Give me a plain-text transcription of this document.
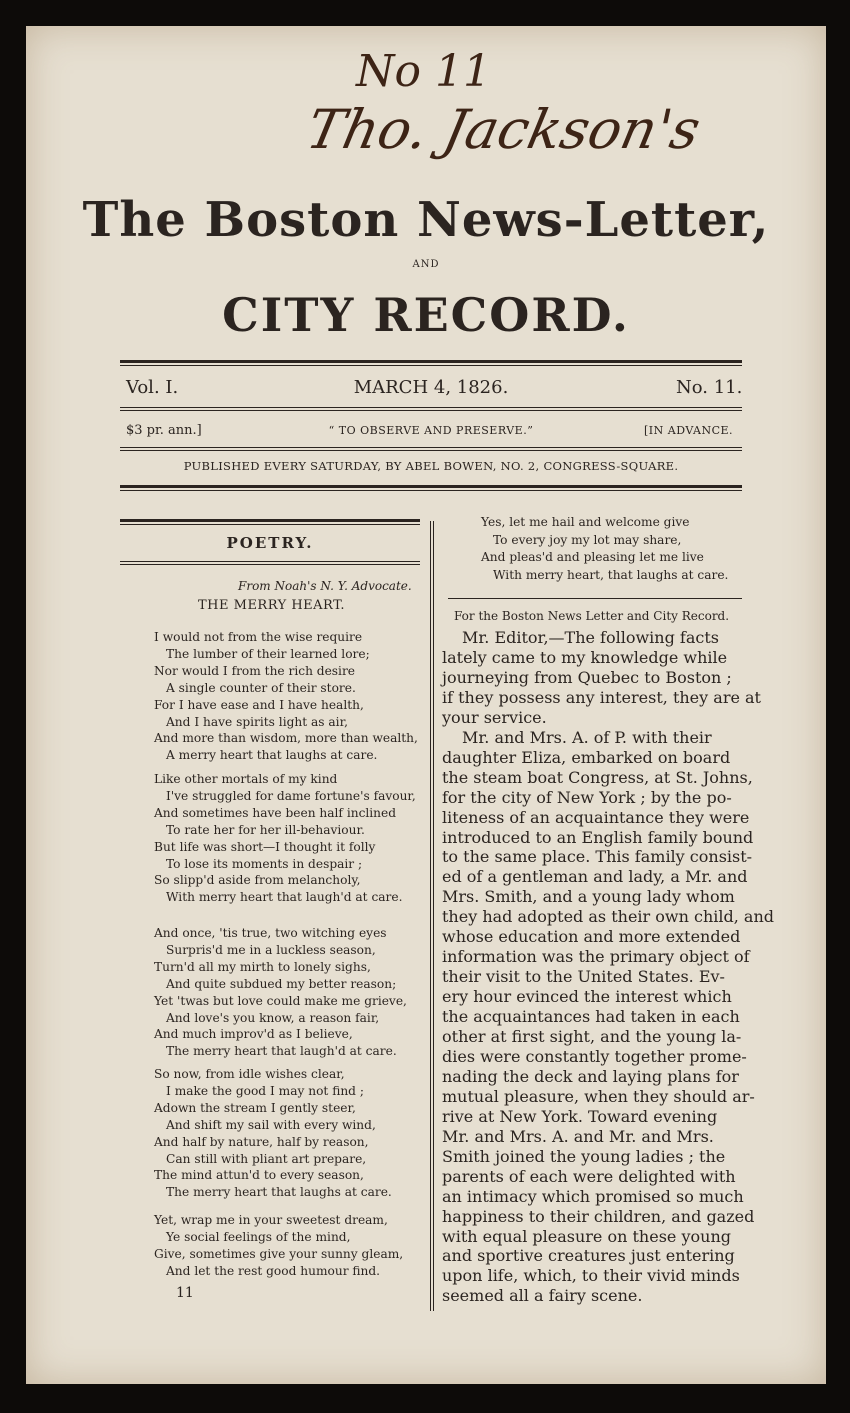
No 11
Tho. Jackson's
The Boston News-Letter,
AND
CITY RECORD.
Vol. I.	MARCH 4, 1826.	No. 11.
$3 pr. ann.]	“ TO OBSERVE AND PRESERVE.”	[IN ADVANCE.
PUBLISHED EVERY SATURDAY, BY ABEL BOWEN, NO. 2, CONGRESS-SQUARE.
POETRY.
From Noah's N. Y. Advocate.
THE MERRY HEART.
11
For the Boston News Letter and City Record.
I would not from the wise require
The lumber of their learned lore;
Nor would I from the rich desire
A single counter of their store.
For I have ease and I have health,
And I have spirits light as air,
And more than wisdom, more than wealth,
A merry heart that laughs at care.
Like other mortals of my kind
I've struggled for dame fortune's favour,
And sometimes have been half inclined
To rate her for her ill-behaviour.
But life was short—I thought it folly
To lose its moments in despair ;
So slipp'd aside from melancholy,
With merry heart that laugh'd at care.
And once, 'tis true, two witching eyes
Surpris'd me in a luckless season,
Turn'd all my mirth to lonely sighs,
And quite subdued my better reason;
Yet 'twas but love could make me grieve,
And love's you know, a reason fair,
And much improv'd as I believe,
The merry heart that laugh'd at care.
So now, from idle wishes clear,
I make the good I may not find ;
Adown the stream I gently steer,
And shift my sail with every wind,
And half by nature, half by reason,
Can still with pliant art prepare,
The mind attun'd to every season,
The merry heart that laughs at care.
Yet, wrap me in your sweetest dream,
Ye social feelings of the mind,
Give, sometimes give your sunny gleam,
And let the rest good humour find.
Yes, let me hail and welcome give
To every joy my lot may share,
And pleas'd and pleasing let me live
With merry heart, that laughs at care.
Mr. Editor,—The following facts
lately came to my knowledge while
journeying from Quebec to Boston ;
if they possess any interest, they are at
your service.
Mr. and Mrs. A. of P. with their
daughter Eliza, embarked on board
the steam boat Congress, at St. Johns,
for the city of New York ; by the po-
liteness of an acquaintance they were
introduced to an English family bound
to the same place. This family consist-
ed of a gentleman and lady, a Mr. and
Mrs. Smith, and a young lady whom
they had adopted as their own child, and
whose education and more extended
information was the primary object of
their visit to the United States. Ev-
ery hour evinced the interest which
the acquaintances had taken in each
other at first sight, and the young la-
dies were constantly together prome-
nading the deck and laying plans for
mutual pleasure, when they should ar-
rive at New York. Toward evening
Mr. and Mrs. A. and Mr. and Mrs.
Smith joined the young ladies ; the
parents of each were delighted with
an intimacy which promised so much
happiness to their children, and gazed
with equal pleasure on these young
and sportive creatures just entering
upon life, which, to their vivid minds
seemed all a fairy scene.
